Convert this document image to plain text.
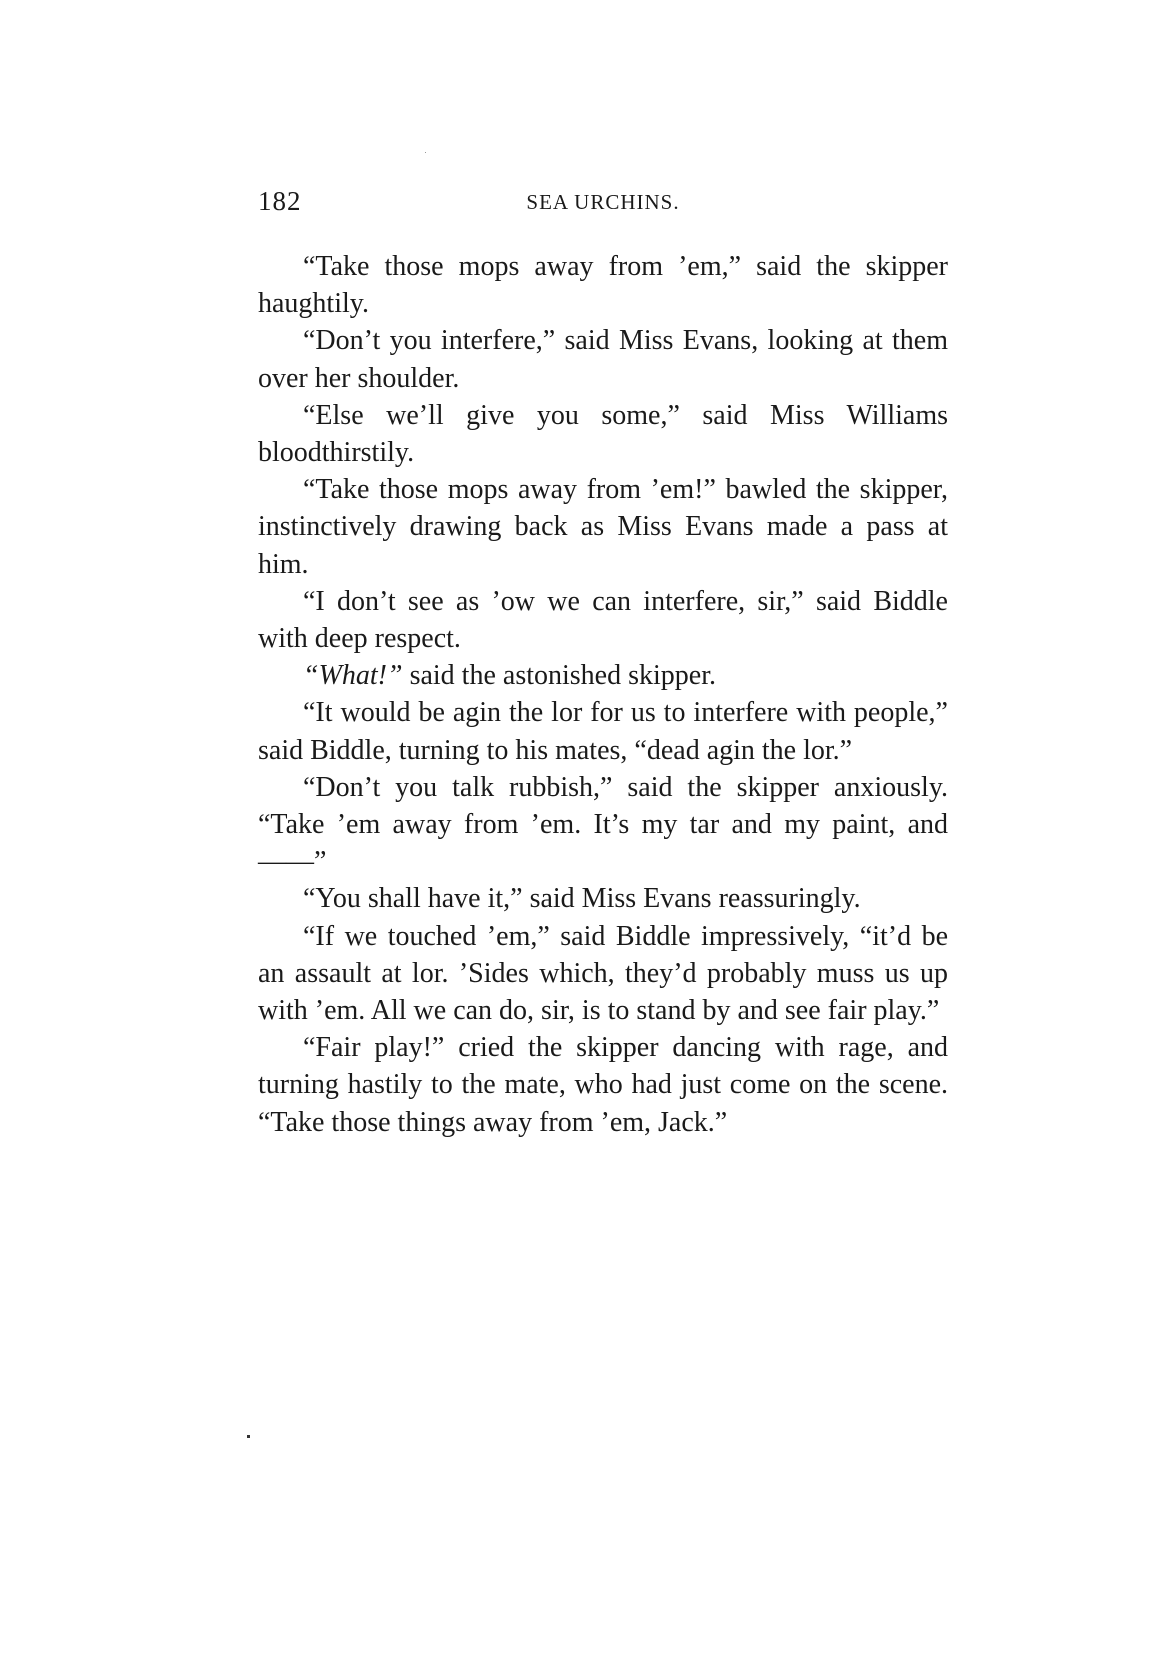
182	SEA URCHINS.

“Take those mops away from ’em,” said the skipper haughtily.

“Don’t you interfere,” said Miss Evans, looking at them over her shoulder.

“Else we’ll give you some,” said Miss Williams bloodthirstily.

“Take those mops away from ’em!” bawled the skipper, instinctively drawing back as Miss Evans made a pass at him.

“I don’t see as ’ow we can interfere, sir,” said Biddle with deep respect.

“What!” said the astonished skipper.

“It would be agin the lor for us to interfere with people,” said Biddle, turning to his mates, “dead agin the lor.”

“Don’t you talk rubbish,” said the skipper anxiously. “Take ’em away from ’em. It’s my tar and my paint, and——”

“You shall have it,” said Miss Evans reassuringly.

“If we touched ’em,” said Biddle impressively, “it’d be an assault at lor. ’Sides which, they’d probably muss us up with ’em. All we can do, sir, is to stand by and see fair play.”

“Fair play!” cried the skipper dancing with rage, and turning hastily to the mate, who had just come on the scene. “Take those things away from ’em, Jack.”
